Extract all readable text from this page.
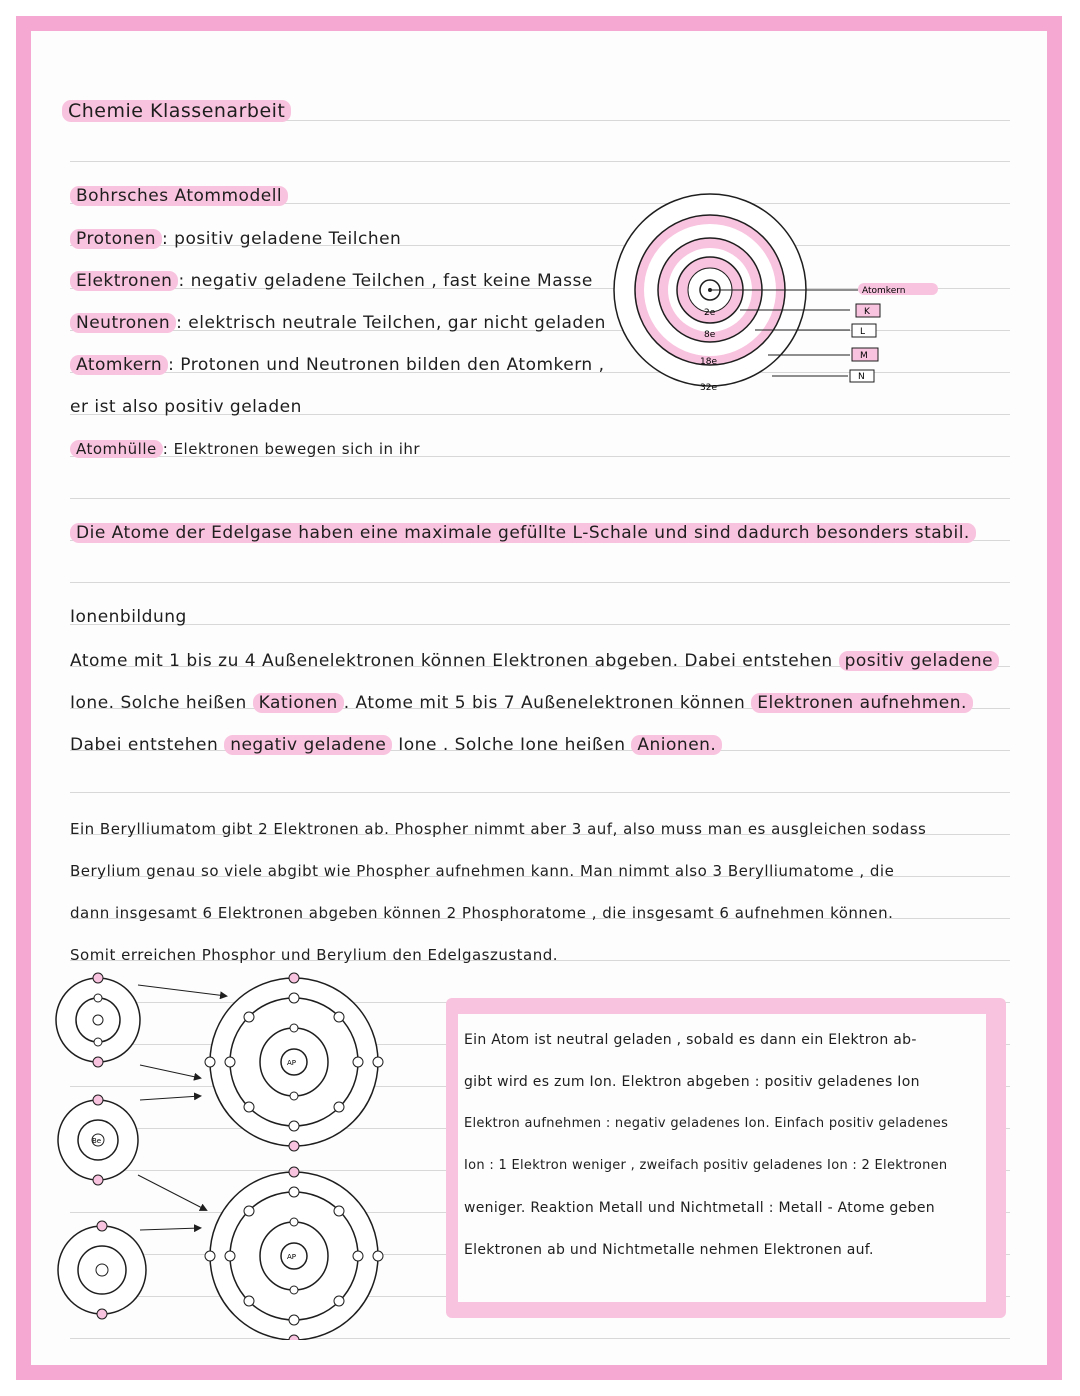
Chemie Klassenarbeit
Bohrsches Atommodell
Protonen : positiv geladene Teilchen
Elektronen : negativ geladene Teilchen , fast keine Masse
Neutronen : elektrisch neutrale Teilchen, gar nicht geladen
Atomkern : Protonen und Neutronen bilden den Atomkern ,
er ist also positiv geladen
Atomhülle : Elektronen bewegen sich in ihr
2e
8e
18e
32e
Atomkern
K
L
M
N
Die Atome der Edelgase haben eine maximale gefüllte L-Schale und sind dadurch besonders stabil.
Ionenbildung
Atome mit 1 bis zu 4 Außenelektronen können Elektronen abgeben. Dabei entstehen positiv geladene
Ione. Solche heißen Kationen . Atome mit 5 bis 7 Außenelektronen können Elektronen aufnehmen.
Dabei entstehen negativ geladene Ione . Solche Ione heißen Anionen.
Ein Berylliumatom gibt 2 Elektronen ab. Phospher nimmt aber 3 auf, also muss man es ausgleichen sodass
Berylium genau so viele abgibt wie Phospher aufnehmen kann. Man nimmt also 3 Berylliumatome , die
dann insgesamt 6 Elektronen abgeben können 2 Phosphoratome , die insgesamt 6 aufnehmen können.
Somit erreichen Phosphor und Berylium den Edelgaszustand.
Be
AP
AP
Ein Atom ist neutral geladen , sobald es dann ein Elektron ab-
gibt wird es zum Ion. Elektron abgeben : positiv geladenes Ion
Elektron aufnehmen : negativ geladenes Ion. Einfach positiv geladenes
Ion : 1 Elektron weniger , zweifach positiv geladenes Ion : 2 Elektronen
weniger. Reaktion Metall und Nichtmetall : Metall - Atome geben
Elektronen ab und Nichtmetalle nehmen Elektronen auf.
